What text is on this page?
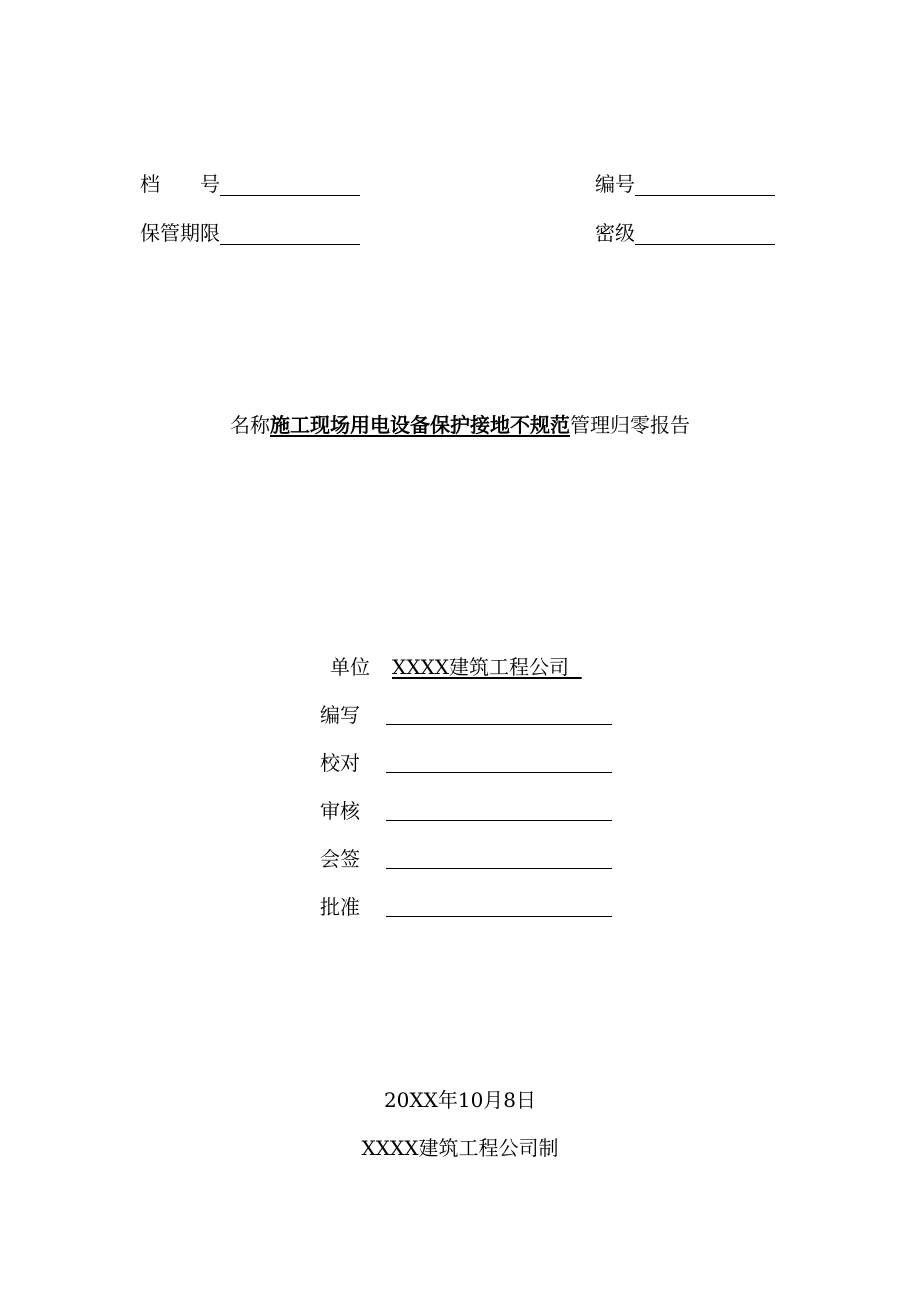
档　　号	编号
保管期限	密级
名称施工现场用电设备保护接地不规范管理归零报告
单位 XXXX建筑工程公司
编写
校对
审核
会签
批准
20XX年10月8日
XXXX建筑工程公司制
